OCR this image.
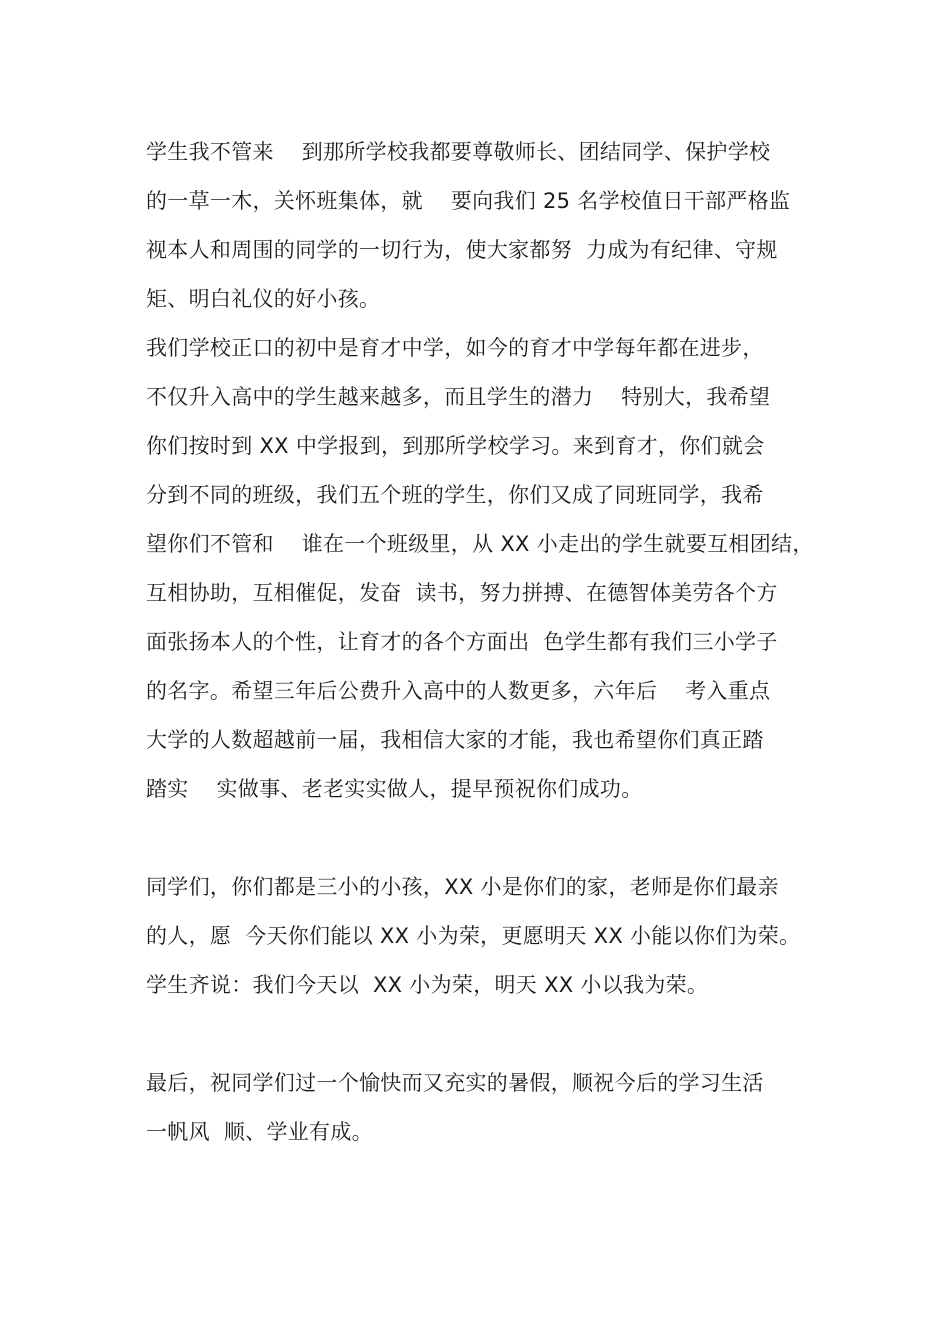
学生我不管来    到那所学校我都要尊敬师长、团结同学、保护学校
的一草一木，关怀班集体，就    要向我们 25 名学校值日干部严格监
视本人和周围的同学的一切行为，使大家都努  力成为有纪律、守规
矩、明白礼仪的好小孩。
我们学校正口的初中是育才中学，如今的育才中学每年都在进步，
不仅升入高中的学生越来越多，而且学生的潜力    特别大，我希望
你们按时到 XX 中学报到，到那所学校学习。来到育才，你们就会
分到不同的班级，我们五个班的学生，你们又成了同班同学，我希
望你们不管和    谁在一个班级里，从 XX 小走出的学生就要互相团结，
互相协助，互相催促，发奋  读书，努力拼搏、在德智体美劳各个方
面张扬本人的个性，让育才的各个方面出  色学生都有我们三小学子
的名字。希望三年后公费升入高中的人数更多，六年后    考入重点
大学的人数超越前一届，我相信大家的才能，我也希望你们真正踏
踏实    实做事、老老实实做人，提早预祝你们成功。
同学们，你们都是三小的小孩，XX 小是你们的家，老师是你们最亲
的人，愿  今天你们能以 XX 小为荣，更愿明天 XX 小能以你们为荣。
学生齐说：我们今天以  XX 小为荣，明天 XX 小以我为荣。
最后，祝同学们过一个愉快而又充实的暑假，顺祝今后的学习生活
一帆风  顺、学业有成。
